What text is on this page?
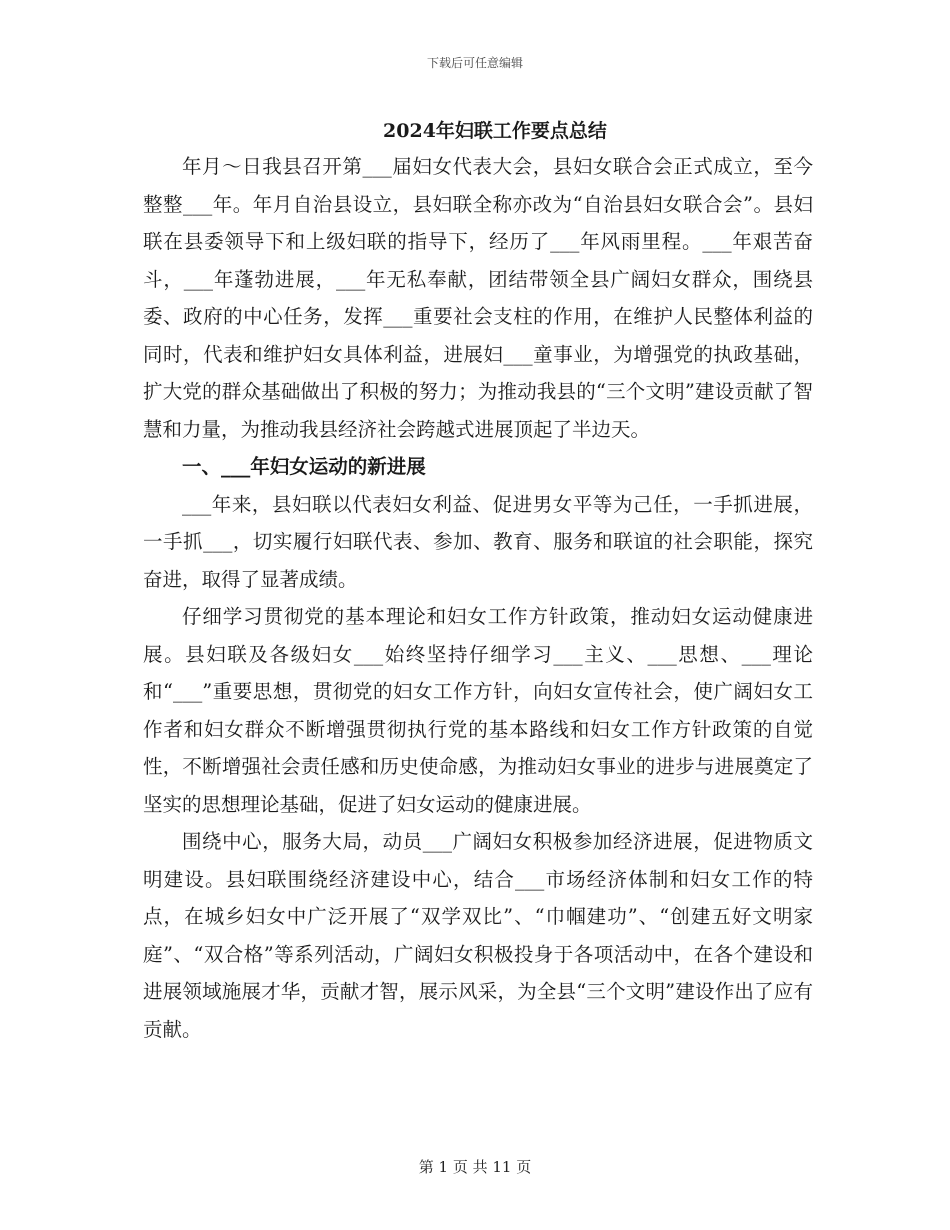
下载后可任意编辑
2024年妇联工作要点总结

年月～日我县召开第___届妇女代表大会，县妇女联合会正式成立，至今整整___年。年月自治县设立，县妇联全称亦改为“自治县妇女联合会”。县妇联在县委领导下和上级妇联的指导下，经历了___年风雨里程。___年艰苦奋斗，___年蓬勃进展，___年无私奉献，团结带领全县广阔妇女群众，围绕县委、政府的中心任务，发挥___重要社会支柱的作用，在维护人民整体利益的同时，代表和维护妇女具体利益，进展妇___童事业，为增强党的执政基础，扩大党的群众基础做出了积极的努力；为推动我县的“三个文明”建设贡献了智慧和力量，为推动我县经济社会跨越式进展顶起了半边天。

一、___年妇女运动的新进展

___年来，县妇联以代表妇女利益、促进男女平等为己任，一手抓进展，一手抓___，切实履行妇联代表、参加、教育、服务和联谊的社会职能，探究奋进，取得了显著成绩。

仔细学习贯彻党的基本理论和妇女工作方针政策，推动妇女运动健康进展。县妇联及各级妇女___始终坚持仔细学习___主义、___思想、___理论和“___”重要思想，贯彻党的妇女工作方针，向妇女宣传社会，使广阔妇女工作者和妇女群众不断增强贯彻执行党的基本路线和妇女工作方针政策的自觉性，不断增强社会责任感和历史使命感，为推动妇女事业的进步与进展奠定了坚实的思想理论基础，促进了妇女运动的健康进展。

围绕中心，服务大局，动员___广阔妇女积极参加经济进展，促进物质文明建设。县妇联围绕经济建设中心，结合___市场经济体制和妇女工作的特点，在城乡妇女中广泛开展了“双学双比”、“巾帼建功”、“创建五好文明家庭”、“双合格”等系列活动，广阔妇女积极投身于各项活动中，在各个建设和进展领域施展才华，贡献才智，展示风采，为全县“三个文明”建设作出了应有贡献。

第 1 页 共 11 页
